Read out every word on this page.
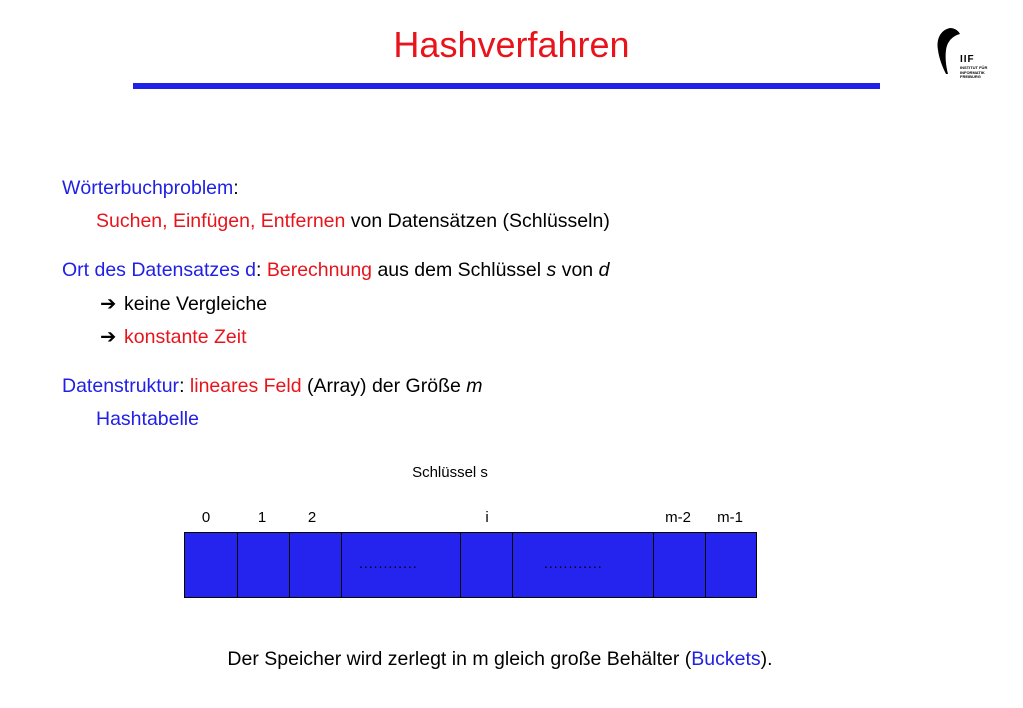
Hashverfahren	IIF
INSTITUT FÜR INFORMATIK FREIBURG
Wörterbuchproblem:
Suchen, Einfügen, Entfernen von Datensätzen (Schlüsseln)
Ort des Datensatzes d: Berechnung aus dem Schlüssel s von d
➔ keine Vergleiche
➔ konstante Zeit
Datenstruktur: lineares Feld (Array) der Größe m
Hashtabelle
Schlüssel s
0	1	2	i	m-2	m-1
............	............
Der Speicher wird zerlegt in m gleich große Behälter (Buckets).
